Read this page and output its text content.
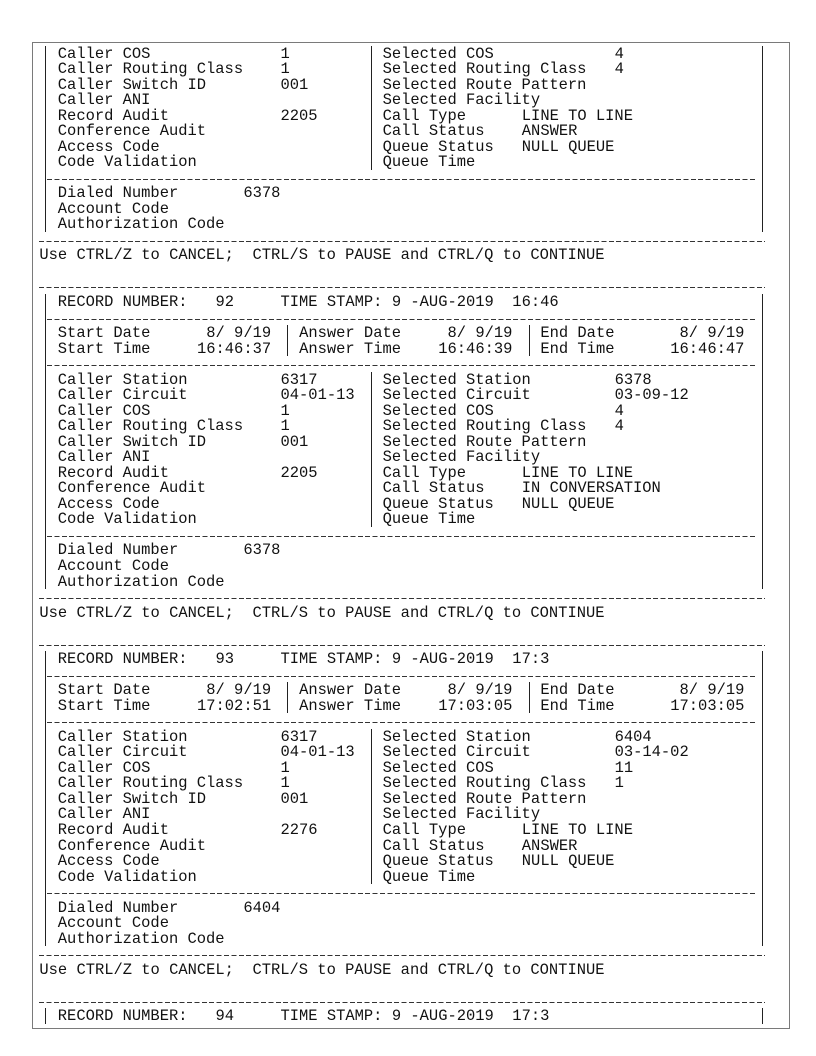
Caller COS	1
Caller Routing Class 1
Caller Switch ID	001
Caller ANI
Record Audit	2205
Conference Audit
Access Code
Code Validation
Selected COS	4
Selected Routing Class 4
Selected Route Pattern
Selected Facility
Call Type	LINE TO LINE
Call Status ANSWER
Queue Status NULL QUEUE
Queue Time
Dialed Number	6378
Account Code
Authorization Code
Use CTRL/Z to CANCEL;  CTRL/S to PAUSE and CTRL/Q to CONTINUE
RECORD NUMBER: 92	TIME STAMP: 9 -AUG-2019  16:46
Start Date	8/ 9/19
Start Time	16:46:37
Answer Date	8/ 9/19
Answer Time 16:46:39
End Date	8/ 9/19
End Time	16:46:47
Caller Station	6317
Caller Circuit	04-01-13
Caller COS	1
Caller Routing Class 1
Caller Switch ID	001
Caller ANI
Record Audit	2205
Conference Audit
Access Code
Code Validation
Selected Station	6378
Selected Circuit	03-09-12
Selected COS	4
Selected Routing Class 4
Selected Route Pattern
Selected Facility
Call Type	LINE TO LINE
Call Status IN CONVERSATION
Queue Status NULL QUEUE
Queue Time
Dialed Number	6378
Account Code
Authorization Code
Use CTRL/Z to CANCEL;  CTRL/S to PAUSE and CTRL/Q to CONTINUE
RECORD NUMBER: 93	TIME STAMP: 9 -AUG-2019  17:3
Start Date	8/ 9/19
Start Time	17:02:51
Answer Date	8/ 9/19
Answer Time 17:03:05
End Date	8/ 9/19
End Time	17:03:05
Caller Station	6317
Caller Circuit	04-01-13
Caller COS	1
Caller Routing Class 1
Caller Switch ID	001
Caller ANI
Record Audit	2276
Conference Audit
Access Code
Code Validation
Selected Station	6404
Selected Circuit	03-14-02
Selected COS	11
Selected Routing Class 1
Selected Route Pattern
Selected Facility
Call Type	LINE TO LINE
Call Status ANSWER
Queue Status NULL QUEUE
Queue Time
Dialed Number	6404
Account Code
Authorization Code
Use CTRL/Z to CANCEL;  CTRL/S to PAUSE and CTRL/Q to CONTINUE
RECORD NUMBER: 94	TIME STAMP: 9 -AUG-2019  17:3
